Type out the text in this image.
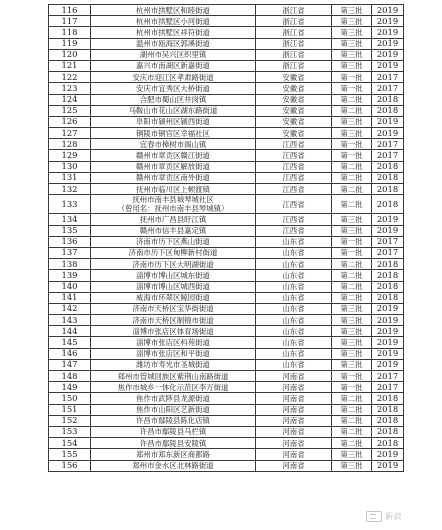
116	杭州市拱墅区和睦街道	浙江省	第三批	2019
117	杭州市拱墅区小河街道	浙江省	第三批	2019
118	杭州市拱墅区祥符街道	浙江省	第三批	2019
119	温州市瓯海区郭溪街道	浙江省	第三批	2019
120	湖州市吴兴区织里镇	浙江省	第三批	2019
121	嘉兴市南湖区新嘉街道	浙江省	第三批	2019
122	安庆市迎江区孝肃路街道	安徽省	第一批	2017
123	安庆市宜秀区大桥街道	安徽省	第一批	2017
124	合肥市蜀山区井岗镇	安徽省	第二批	2018
125	马鞍山市花山区湖东路街道	安徽省	第二批	2018
126	阜阳市颍州区颍西街道	安徽省	第三批	2019
127	铜陵市铜官区幸福社区	安徽省	第三批	2019
128	宜春市樟树市阁山镇	江西省	第一批	2017
129	赣州市章贡区赣江街道	江西省	第一批	2017
130	赣州市章贡区解放街道	江西省	第二批	2018
131	赣州市章贡区南外街道	江西省	第二批	2018
132	抚州市临川区上顿渡镇	江西省	第二批	2018
133	抚州市南丰县城琴城社区
（曾用名：抚州市南丰县琴城镇）	江西省	第二批	2018
134	抚州市广昌县盱江镇	江西省	第三批	2019
135	赣州市信丰县嘉定镇	江西省	第三批	2019
136	济南市历下区燕山街道	山东省	第一批	2017
137	济南市历下区甸柳新村街道	山东省	第一批	2017
138	济南市历下区大明湖街道	山东省	第二批	2018
139	淄博市博山区城东街道	山东省	第二批	2018
140	淄博市博山区城西街道	山东省	第二批	2018
141	威海市环翠区鲸园街道	山东省	第二批	2018
142	济南市天桥区宝华街街道	山东省	第三批	2019
143	济南市天桥区制锦市街道	山东省	第三批	2019
144	淄博市张店区体育场街道	山东省	第三批	2019
145	淄博市张店区科苑街道	山东省	第三批	2019
146	淄博市张店区和平街道	山东省	第三批	2019
147	潍坊市寿光市圣城街道	山东省	第三批	2019
148	郑州市管城回族区紫荆山南路街道	河南省	第一批	2017
149	焦作市城乡一体化示范区李万街道	河南省	第一批	2017
150	焦作市武陟县龙源街道	河南省	第二批	2018
151	焦作市山阳区艺新街道	河南省	第二批	2018
152	许昌市鄢陵县陈化店镇	河南省	第二批	2018
153	许昌市鄢陵县马栏镇	河南省	第二批	2018
154	许昌市鄢陵县安陵镇	河南省	第二批	2018
155	郑州市郑东新区商都路	河南省	第三批	2019
156	郑州市金水区北林路街道	河南省	第三批	2019
新浪
